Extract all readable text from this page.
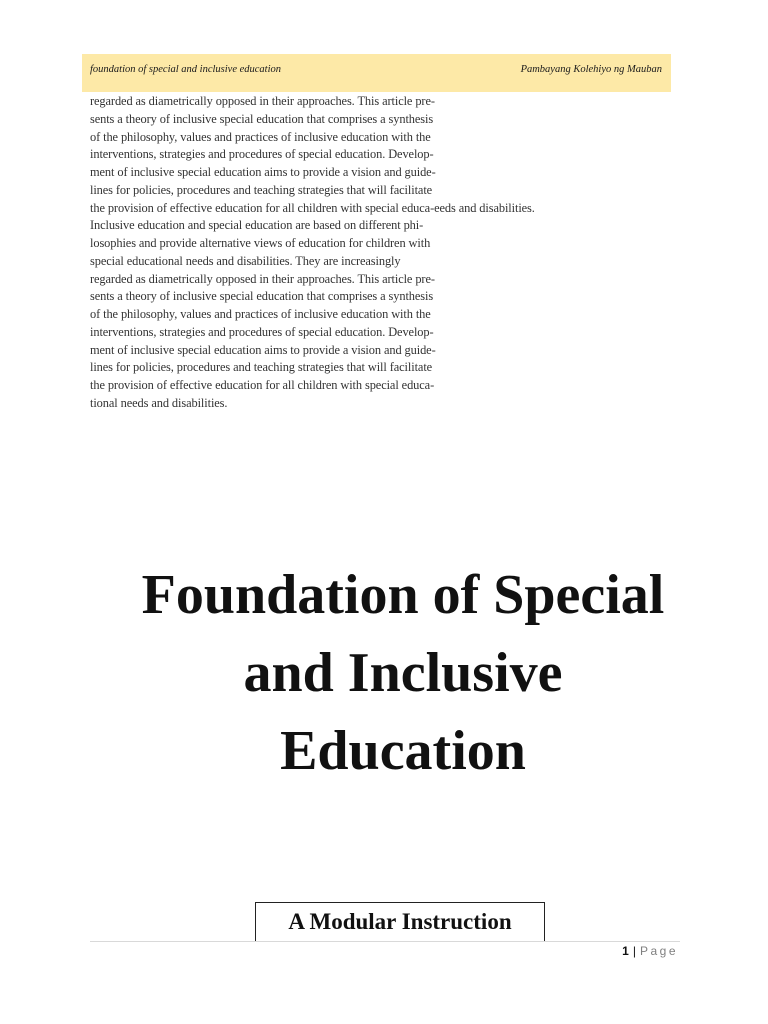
foundation of special and inclusive education	Pambayang Kolehiyo ng Mauban
regarded as diametrically opposed in their approaches. This article pre-
sents a theory of inclusive special education that comprises a synthesis
of the philosophy, values and practices of inclusive education with the
interventions, strategies and procedures of special education. Develop-
ment of inclusive special education aims to provide a vision and guide-
lines for policies, procedures and teaching strategies that will facilitate
the provision of effective education for all children with special educa-eeds and disabilities.
Inclusive education and special education are based on different phi-
losophies and provide alternative views of education for children with
special educational needs and disabilities. They are increasingly
regarded as diametrically opposed in their approaches. This article pre-
sents a theory of inclusive special education that comprises a synthesis
of the philosophy, values and practices of inclusive education with the
interventions, strategies and procedures of special education. Develop-
ment of inclusive special education aims to provide a vision and guide-
lines for policies, procedures and teaching strategies that will facilitate
the provision of effective education for all children with special educa-
tional needs and disabilities.
Foundation of Special
and Inclusive
Education
A Modular Instruction
1 | Page
